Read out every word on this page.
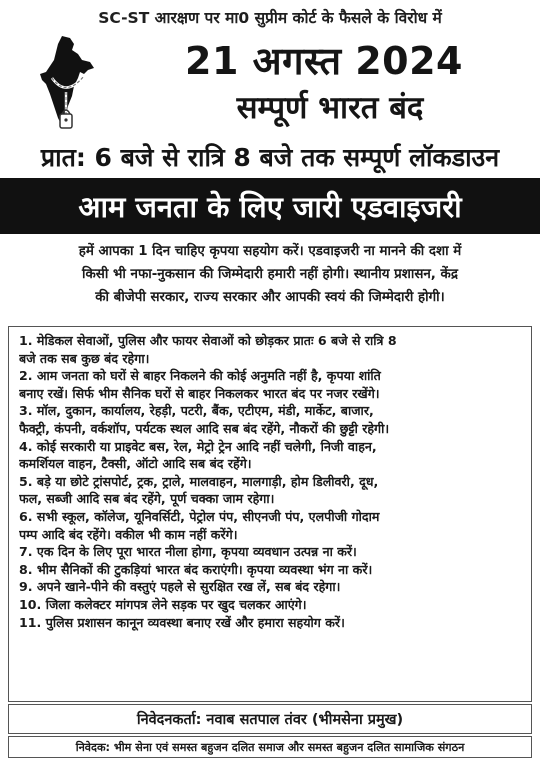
SC-ST आरक्षण पर मा0 सुप्रीम कोर्ट के फैसले के विरोध में
21 अगस्त 2024
सम्पूर्ण भारत बंद
प्रात: 6 बजे से रात्रि 8 बजे तक सम्पूर्ण लॉकडाउन
आम जनता के लिए जारी एडवाइजरी
हमें आपका 1 दिन चाहिए कृपया सहयोग करें। एडवाइजरी ना मानने की दशा में
किसी भी नफा-नुकसान की जिम्मेदारी हमारी नहीं होगी। स्थानीय प्रशासन, केंद्र
की बीजेपी सरकार, राज्य सरकार और आपकी स्वयं की जिम्मेदारी होगी।
1. मेडिकल सेवाओं, पुलिस और फायर सेवाओं को छोड़कर प्रातः 6 बजे से रात्रि 8
बजे तक सब कुछ बंद रहेगा।
2. आम जनता को घरों से बाहर निकलने की कोई अनुमति नहीं है, कृपया शांति
बनाए रखें। सिर्फ भीम सैनिक घरों से बाहर निकलकर भारत बंद पर नजर रखेंगे।
3. मॉल, दुकान, कार्यालय, रेहड़ी, पटरी, बैंक, एटीएम, मंडी, मार्केट, बाजार,
फैक्ट्री, कंपनी, वर्कशॉप, पर्यटक स्थल आदि सब बंद रहेंगे, नौकरों की छुट्टी रहेगी।
4. कोई सरकारी या प्राइवेट बस, रेल, मेट्रो ट्रेन आदि नहीं चलेगी, निजी वाहन,
कमर्शियल वाहन, टैक्सी, ऑटो आदि सब बंद रहेंगे।
5. बड़े या छोटे ट्रांसपोर्ट, ट्रक, ट्राले, मालवाहन, मालगाड़ी, होम डिलीवरी, दूध,
फल, सब्जी आदि सब बंद रहेंगे, पूर्ण चक्का जाम रहेगा।
6. सभी स्कूल, कॉलेज, यूनिवर्सिटी, पेट्रोल पंप, सीएनजी पंप, एलपीजी गोदाम
पम्प आदि बंद रहेंगे। वकील भी काम नहीं करेंगे।
7. एक दिन के लिए पूरा भारत नीला होगा, कृपया व्यवधान उत्पन्न ना करें।
8. भीम सैनिकों की टुकड़ियां भारत बंद कराएंगी। कृपया व्यवस्था भंग ना करें।
9. अपने खाने-पीने की वस्तुएं पहले से सुरक्षित रख लें, सब बंद रहेगा।
10. जिला कलेक्टर मांगपत्र लेने सड़क पर खुद चलकर आएंगे।
11. पुलिस प्रशासन कानून व्यवस्था बनाए रखें और हमारा सहयोग करें।
निवेदनकर्ता: नवाब सतपाल तंवर (भीमसेना प्रमुख)
निवेदक: भीम सेना एवं समस्त बहुजन दलित समाज और समस्त बहुजन दलित सामाजिक संगठन
